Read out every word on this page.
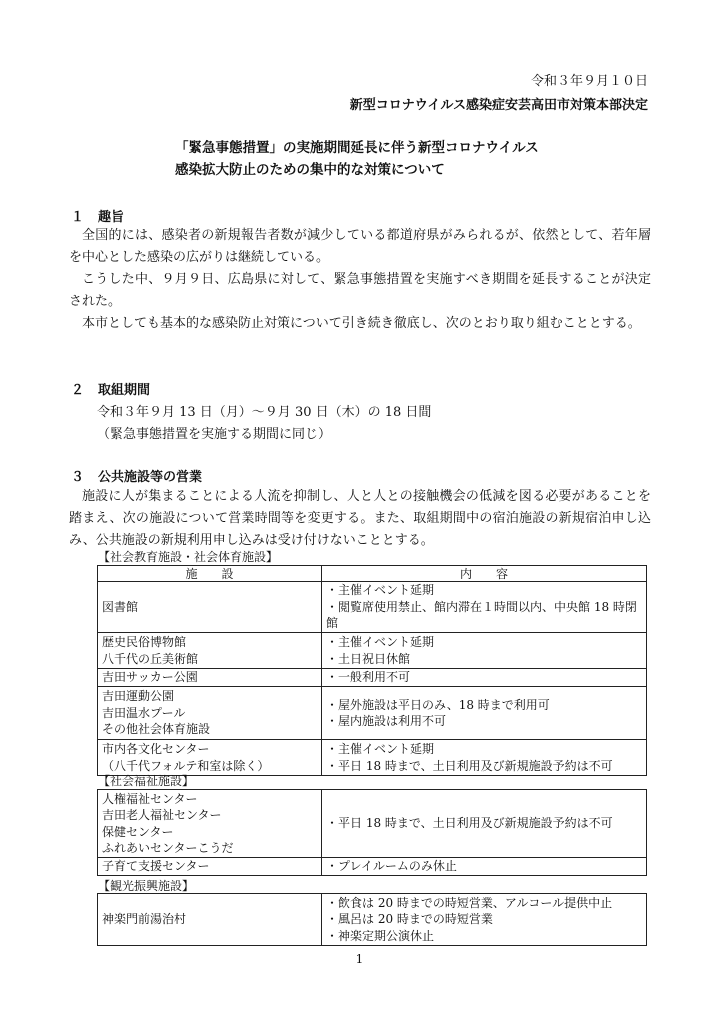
令和３年９月１０日
新型コロナウイルス感染症安芸高田市対策本部決定
「緊急事態措置」の実施期間延長に伴う新型コロナウイルス
感染拡大防止のための集中的な対策について
１ 趣旨

全国的には、感染者の新規報告者数が減少している都道府県がみられるが、依然として、若年層を中心とした感染の広がりは継続している。

こうした中、９月９日、広島県に対して、緊急事態措置を実施すべき期間を延長することが決定された。

本市としても基本的な感染防止対策について引き続き徹底し、次のとおり取り組むこととする。

２ 取組期間
令和３年９月 13 日（月）〜９月 30 日（木）の 18 日間
（緊急事態措置を実施する期間に同じ）
３ 公共施設等の営業

施設に人が集まることによる人流を抑制し、人と人との接触機会の低減を図る必要があることを踏まえ、次の施設について営業時間等を変更する。また、取組期間中の宿泊施設の新規宿泊申し込み、公共施設の新規利用申し込みは受け付けないこととする。

【社会教育施設・社会体育施設】
施　　設	内　　容
図書館	・主催イベント延期
・閲覧席使用禁止、館内滞在１時間以内、中央館 18 時閉館
歴史民俗博物館
八千代の丘美術館	・主催イベント延期
・土日祝日休館
吉田サッカー公園	・一般利用不可
吉田運動公園
吉田温水プール
その他社会体育施設	・屋外施設は平日のみ、18 時まで利用可
・屋内施設は利用不可
市内各文化センター
（八千代フォルテ和室は除く）	・主催イベント延期
・平日 18 時まで、土日利用及び新規施設予約は不可
【社会福祉施設】
人権福祉センター
吉田老人福祉センター
保健センター
ふれあいセンターこうだ	・平日 18 時まで、土日利用及び新規施設予約は不可
子育て支援センター	・プレイルームのみ休止
【観光振興施設】
神楽門前湯治村	・飲食は 20 時までの時短営業、アルコール提供中止
・風呂は 20 時までの時短営業
・神楽定期公演休止
1
